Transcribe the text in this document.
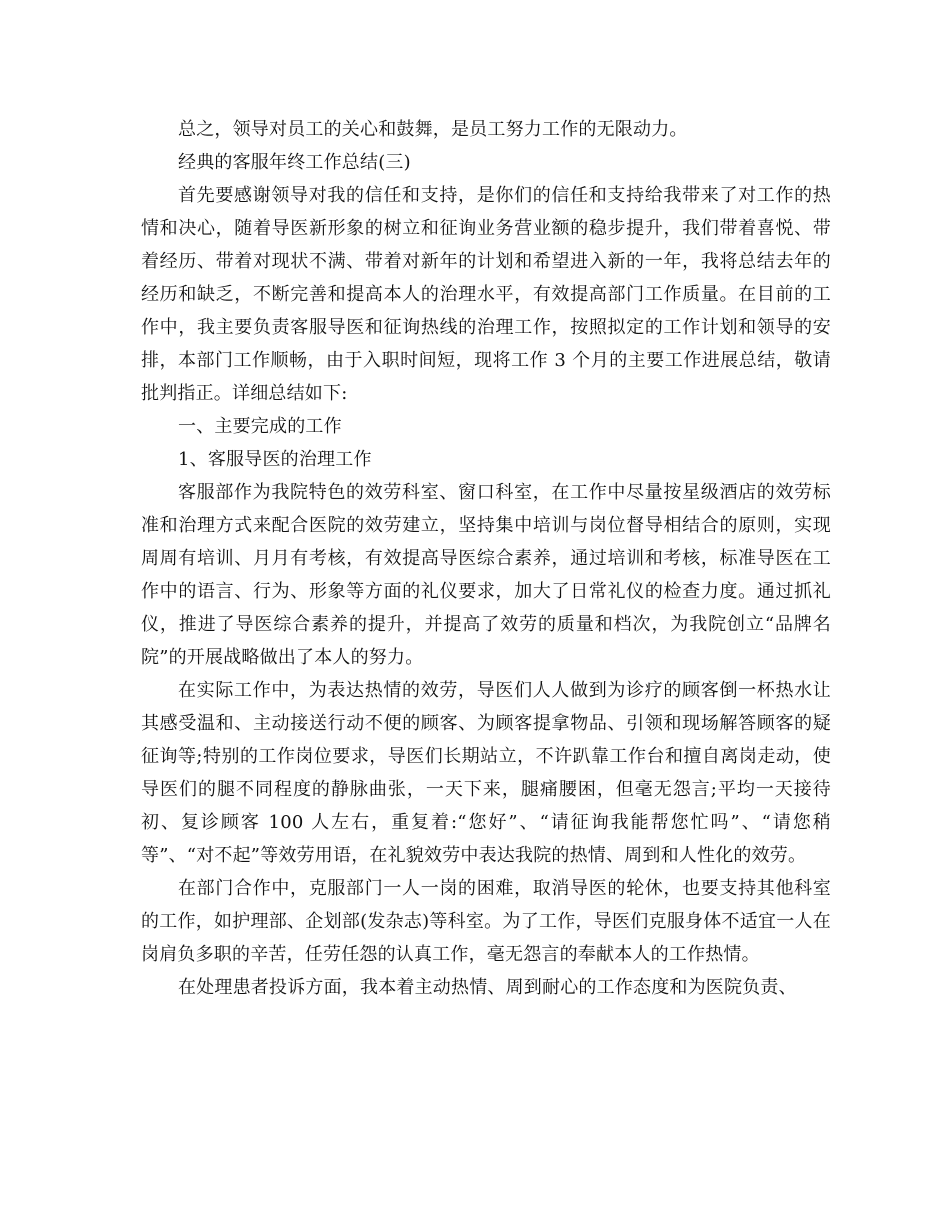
总之，领导对员工的关心和鼓舞，是员工努力工作的无限动力。

经典的客服年终工作总结(三)

首先要感谢领导对我的信任和支持，是你们的信任和支持给我带来了对工作的热情和决心，随着导医新形象的树立和征询业务营业额的稳步提升，我们带着喜悦、带着经历、带着对现状不满、带着对新年的计划和希望进入新的一年，我将总结去年的经历和缺乏，不断完善和提高本人的治理水平，有效提高部门工作质量。在目前的工作中，我主要负责客服导医和征询热线的治理工作，按照拟定的工作计划和领导的安排，本部门工作顺畅，由于入职时间短，现将工作 3 个月的主要工作进展总结，敬请批判指正。详细总结如下:

一、主要完成的工作

1、客服导医的治理工作

客服部作为我院特色的效劳科室、窗口科室，在工作中尽量按星级酒店的效劳标准和治理方式来配合医院的效劳建立，坚持集中培训与岗位督导相结合的原则，实现周周有培训、月月有考核，有效提高导医综合素养，通过培训和考核，标准导医在工作中的语言、行为、形象等方面的礼仪要求，加大了日常礼仪的检查力度。通过抓礼仪，推进了导医综合素养的提升，并提高了效劳的质量和档次，为我院创立“品牌名院”的开展战略做出了本人的努力。

在实际工作中，为表达热情的效劳，导医们人人做到为诊疗的顾客倒一杯热水让其感受温和、主动接送行动不便的顾客、为顾客提拿物品、引领和现场解答顾客的疑征询等;特别的工作岗位要求，导医们长期站立，不许趴靠工作台和擅自离岗走动，使导医们的腿不同程度的静脉曲张，一天下来，腿痛腰困，但毫无怨言;平均一天接待初、复诊顾客 100 人左右，重复着:“您好”、“请征询我能帮您忙吗”、“请您稍等”、“对不起”等效劳用语，在礼貌效劳中表达我院的热情、周到和人性化的效劳。

在部门合作中，克服部门一人一岗的困难，取消导医的轮休，也要支持其他科室的工作，如护理部、企划部(发杂志)等科室。为了工作，导医们克服身体不适宜一人在岗肩负多职的辛苦，任劳任怨的认真工作，毫无怨言的奉献本人的工作热情。

在处理患者投诉方面，我本着主动热情、周到耐心的工作态度和为医院负责、
